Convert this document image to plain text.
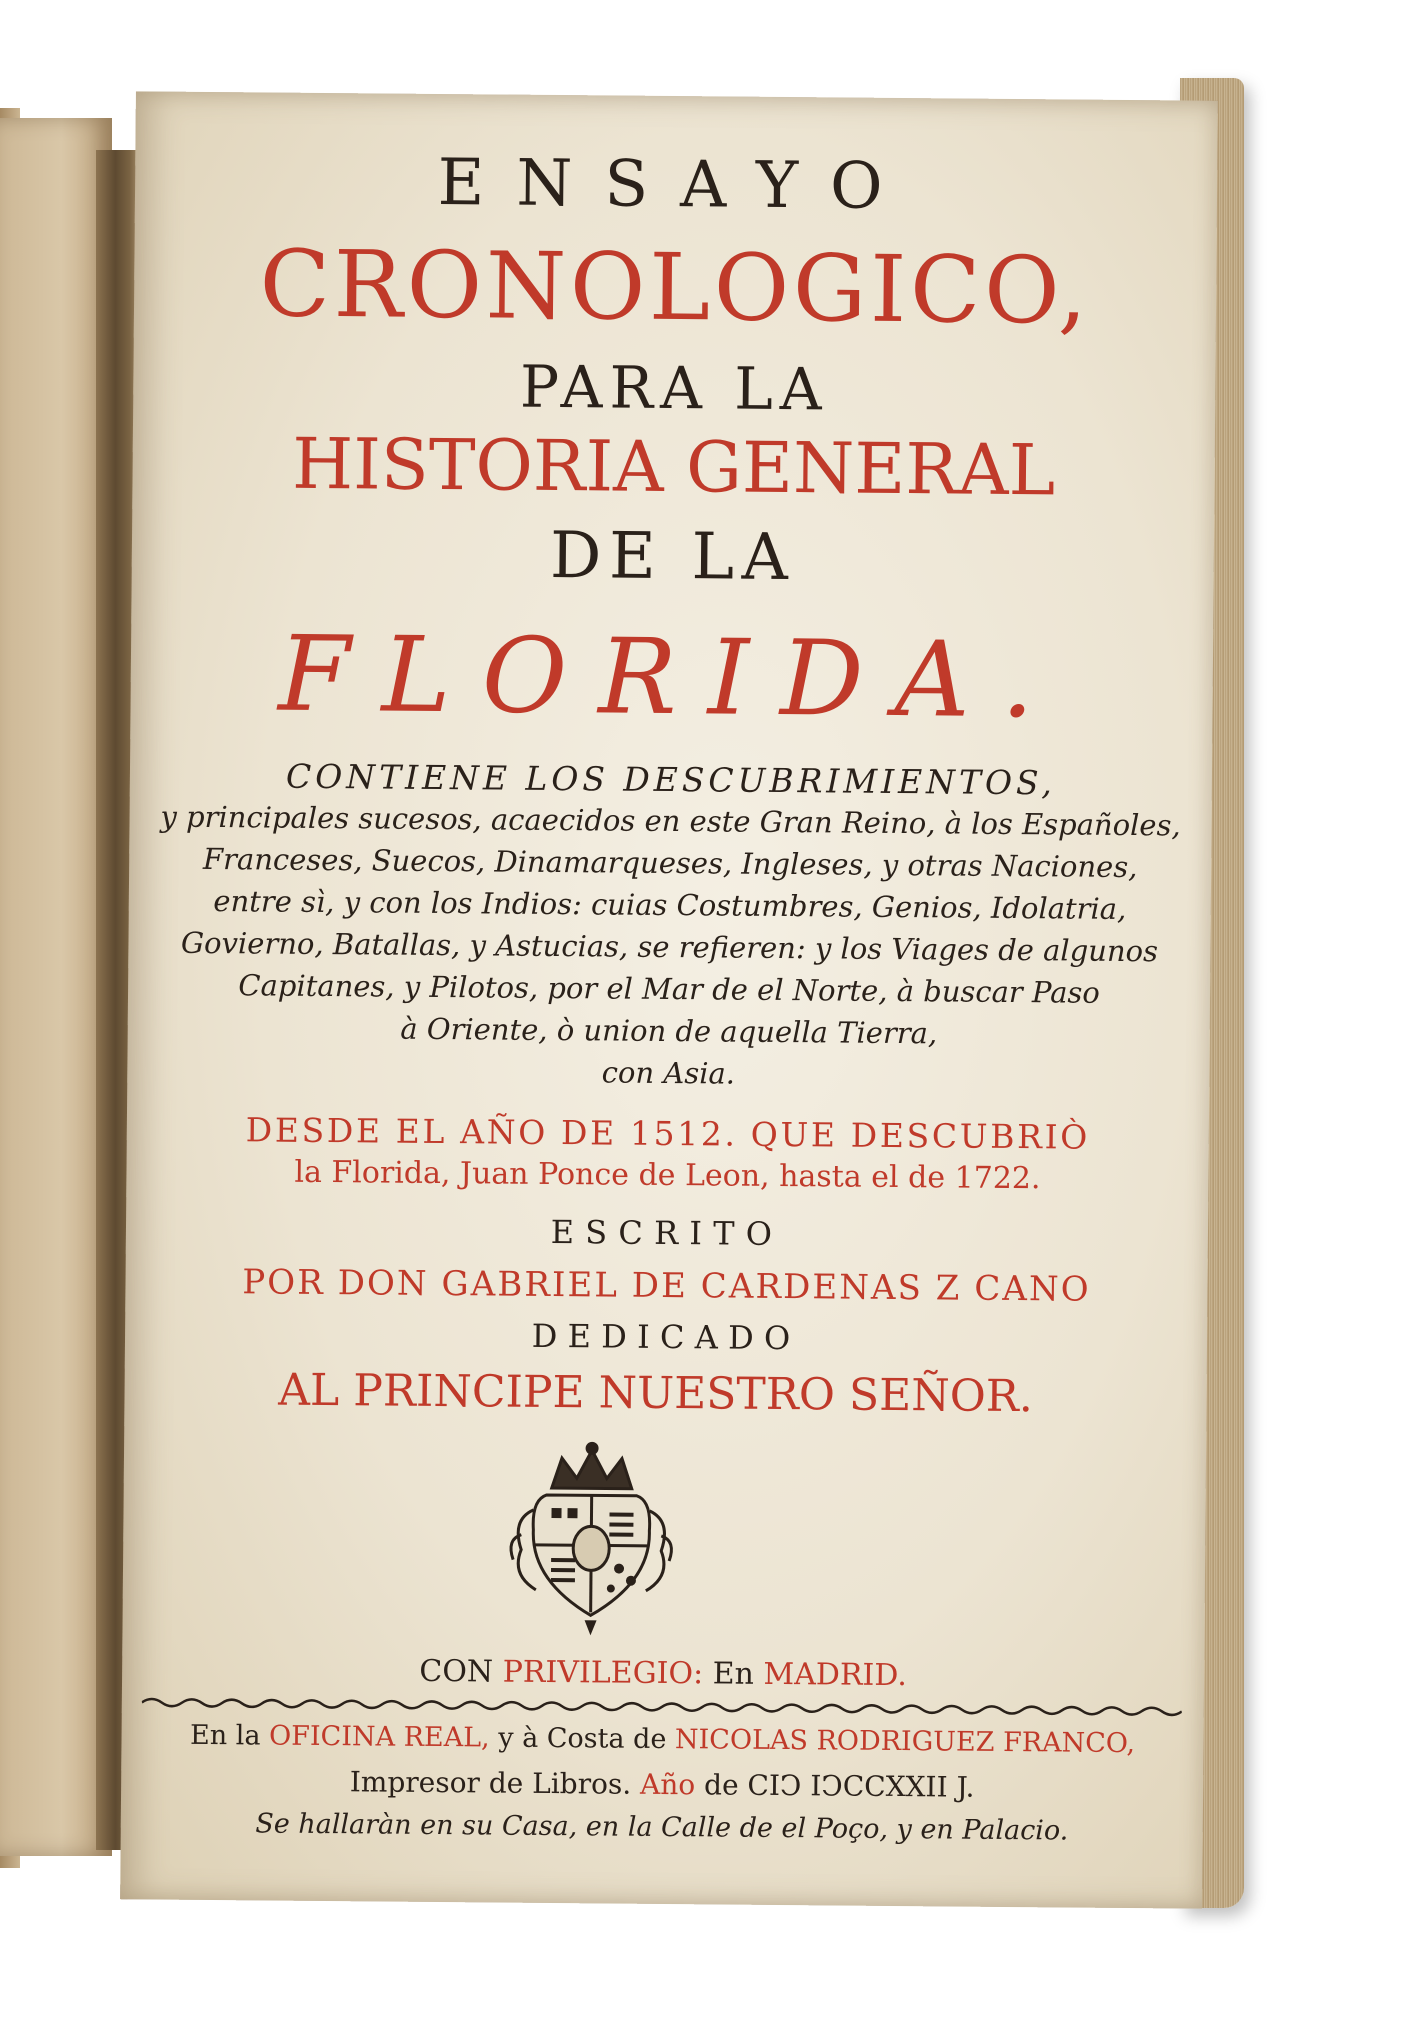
ENSAYO
CRONOLOGICO,
PARA LA
HISTORIA GENERAL
DE LA
FLORIDA.
CONTIENE LOS DESCUBRIMIENTOS,
y principales sucesos, acaecidos en este Gran Reino, à los Españoles,
Franceses, Suecos, Dinamarqueses, Ingleses, y otras Naciones,
entre sì, y con los Indios: cuias Costumbres, Genios, Idolatria,
Govierno, Batallas, y Astucias, se refieren: y los Viages de algunos
Capitanes, y Pilotos, por el Mar de el Norte, à buscar Paso
à Oriente, ò union de aquella Tierra,
con Asia.
DESDE EL AÑO DE 1512. QUE DESCUBRIÒ
la Florida, Juan Ponce de Leon, hasta el de 1722.
ESCRITO
POR DON GABRIEL DE CARDENAS Z CANO
DEDICADO
AL PRINCIPE NUESTRO SEÑOR.
CON PRIVILEGIO: En MADRID.
En la OFICINA REAL, y à Costa de NICOLAS RODRIGUEZ FRANCO,
Impresor de Libros. Año de CIↃ IↃCCXXII J.
Se hallaràn en su Casa, en la Calle de el Poço, y en Palacio.
